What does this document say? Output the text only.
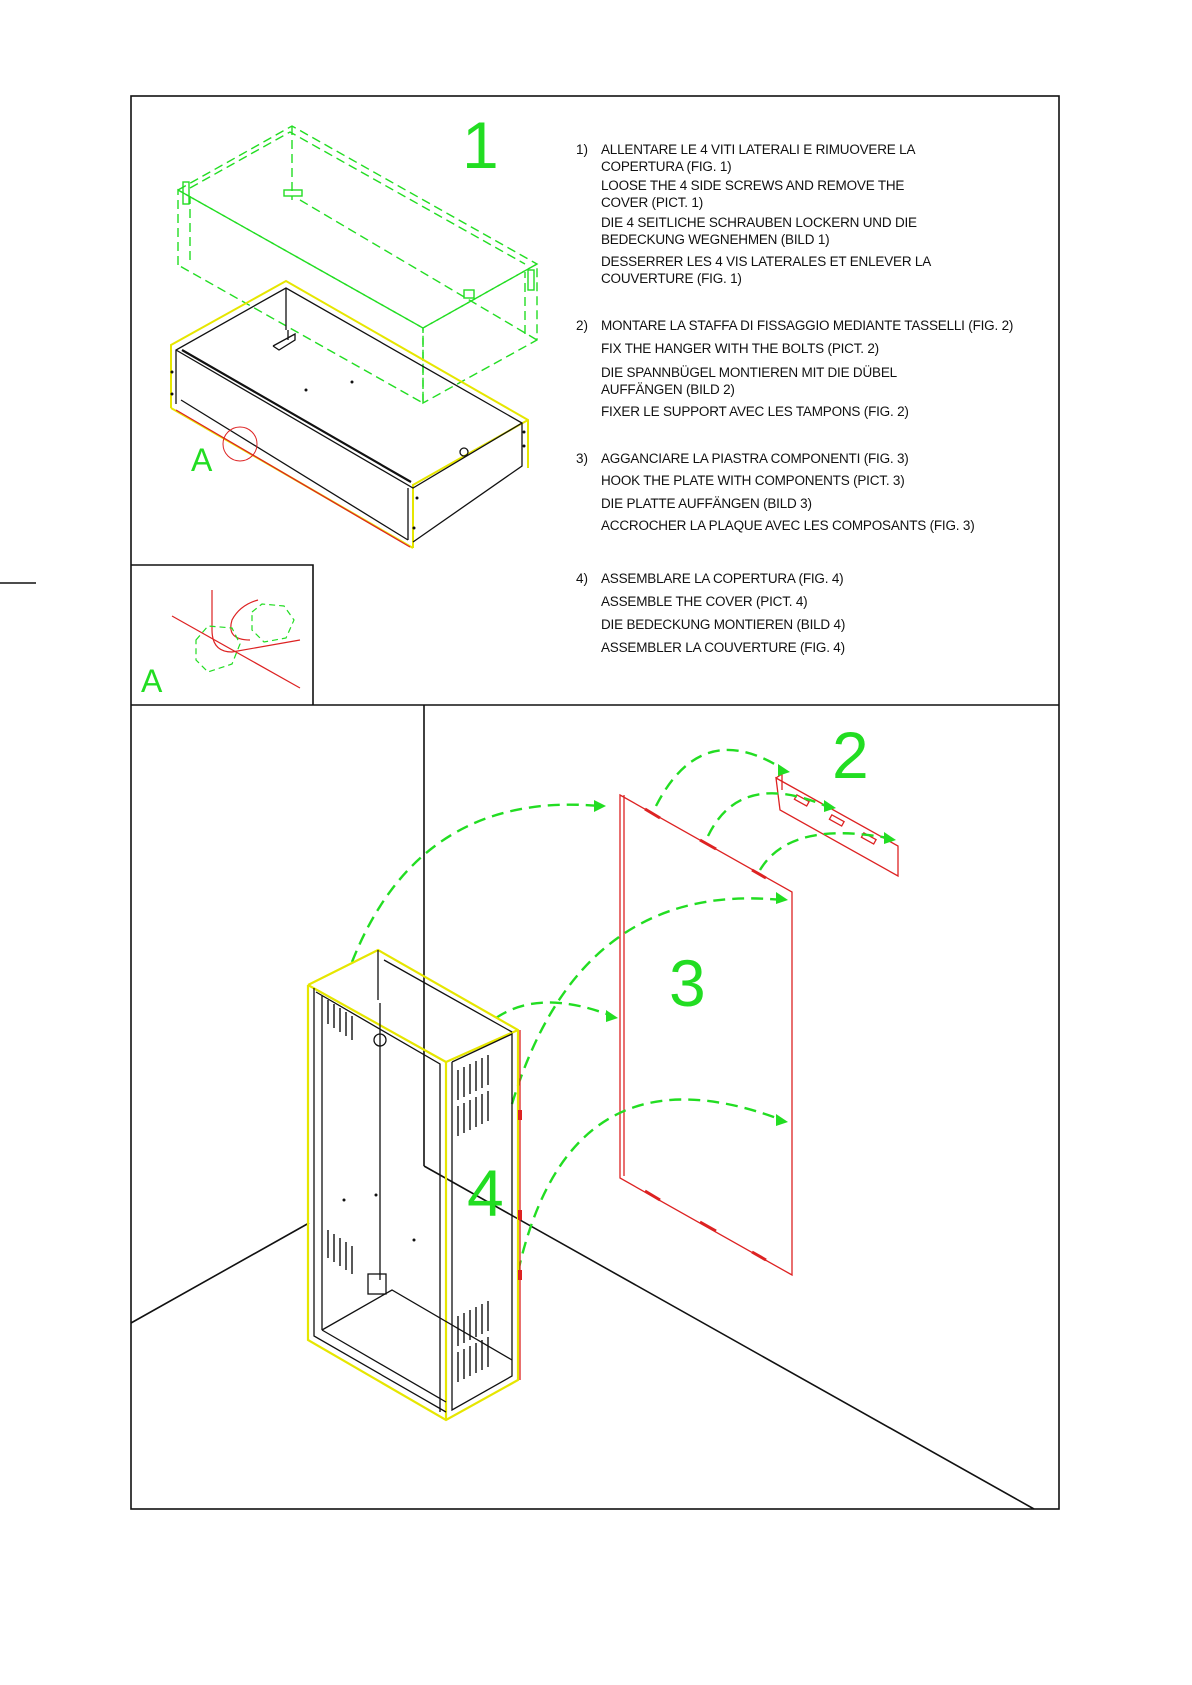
1
2
3
4
A
A
1) ALLENTARE LE 4 VITI LATERALI E RIMUOVERE LA
COPERTURA (FIG. 1)
LOOSE THE 4 SIDE SCREWS AND REMOVE THE
COVER (PICT. 1)
DIE 4 SEITLICHE SCHRAUBEN LOCKERN UND DIE
BEDECKUNG WEGNEHMEN (BILD 1)
DESSERRER LES 4 VIS LATERALES ET ENLEVER LA
COUVERTURE (FIG. 1)
2) MONTARE LA STAFFA DI FISSAGGIO MEDIANTE TASSELLI (FIG. 2)
FIX THE HANGER WITH THE BOLTS (PICT. 2)
DIE SPANNBÜGEL MONTIEREN MIT DIE DÜBEL
AUFFÄNGEN (BILD 2)
FIXER LE SUPPORT AVEC LES TAMPONS (FIG. 2)
3) AGGANCIARE LA PIASTRA COMPONENTI (FIG. 3)
HOOK THE PLATE WITH COMPONENTS (PICT. 3)
DIE PLATTE AUFFÄNGEN (BILD 3)
ACCROCHER LA PLAQUE AVEC LES COMPOSANTS (FIG. 3)
4) ASSEMBLARE LA COPERTURA (FIG. 4)
ASSEMBLE THE COVER (PICT. 4)
DIE BEDECKUNG MONTIEREN (BILD 4)
ASSEMBLER LA COUVERTURE (FIG. 4)
